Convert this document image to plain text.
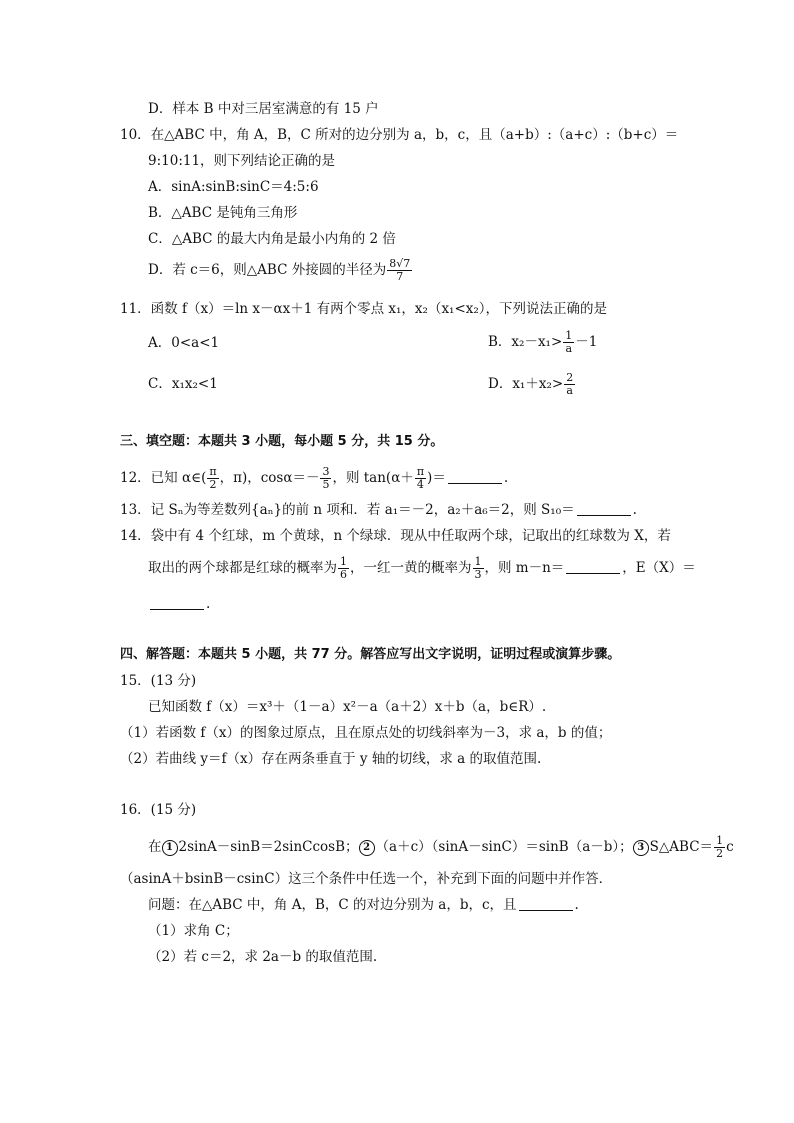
D．样本 B 中对三居室满意的有 15 户
10．在△ABC 中，角 A，B，C 所对的边分别为 a，b，c，且（a+b）:（a+c）:（b+c）＝
9:10:11，则下列结论正确的是
A．sinA:sinB:sinC＝4:5:6
B．△ABC 是钝角三角形
C．△ABC 的最大内角是最小内角的 2 倍
D．若 c＝6，则△ABC 外接圆的半径为 $\frac{8√7}{7}$
11．函数 f（x）＝ln x－αx＋1 有两个零点 x₁，x₂（x₁<x₂），下列说法正确的是
A．0<a<1	B．$x_2-x_1> \frac{1}{a} -1$
C．x₁x₂<1	D．$x_1+x_2> \frac{2}{a}$
三、填空题：本题共 3 小题，每小题 5 分，共 15 分。
12．已知 α∈( $\frac{\pi}{2}$ ，π)，$\cos\alpha=- \frac{3}{5}$ ，则 $\tan(\alpha+ \frac{\pi}{4}$ )＝	.
13．记 Sₙ为等差数列{aₙ}的前 n 项和．若 a₁＝－2，a₂＋a₆＝2，则 S₁₀＝	.
14．袋中有 4 个红球，m 个黄球，n 个绿球．现从中任取两个球，记取出的红球数为 X，若
取出的两个球都是红球的概率为 $\frac{1}{6}$ ，一红一黄的概率为 $\frac{1}{3}$ ，则 m－n＝	，E（X）＝
.
四、解答题：本题共 5 小题，共 77 分。解答应写出文字说明，证明过程或演算步骤。
15．(13 分)
已知函数 f（x）＝x³＋（1－a）x²－a（a＋2）x＋b（a，b∈R）.
（1）若函数 f（x）的图象过原点，且在原点处的切线斜率为－3，求 a，b 的值；
（2）若曲线 y＝f（x）存在两条垂直于 y 轴的切线，求 a 的取值范围.
16．(15 分)
在 1 2sinA－sinB＝2sinCcosB； 2 （a＋c）（sinA－sinC）＝sinB（a－b）； 3 S△ABC＝ $\frac{1}{2}$ c
（asinA＋bsinB－csinC）这三个条件中任选一个，补充到下面的问题中并作答．
问题：在△ABC 中，角 A，B，C 的对边分别为 a，b，c，且	.
（1）求角 C；
（2）若 c＝2，求 2a－b 的取值范围.
